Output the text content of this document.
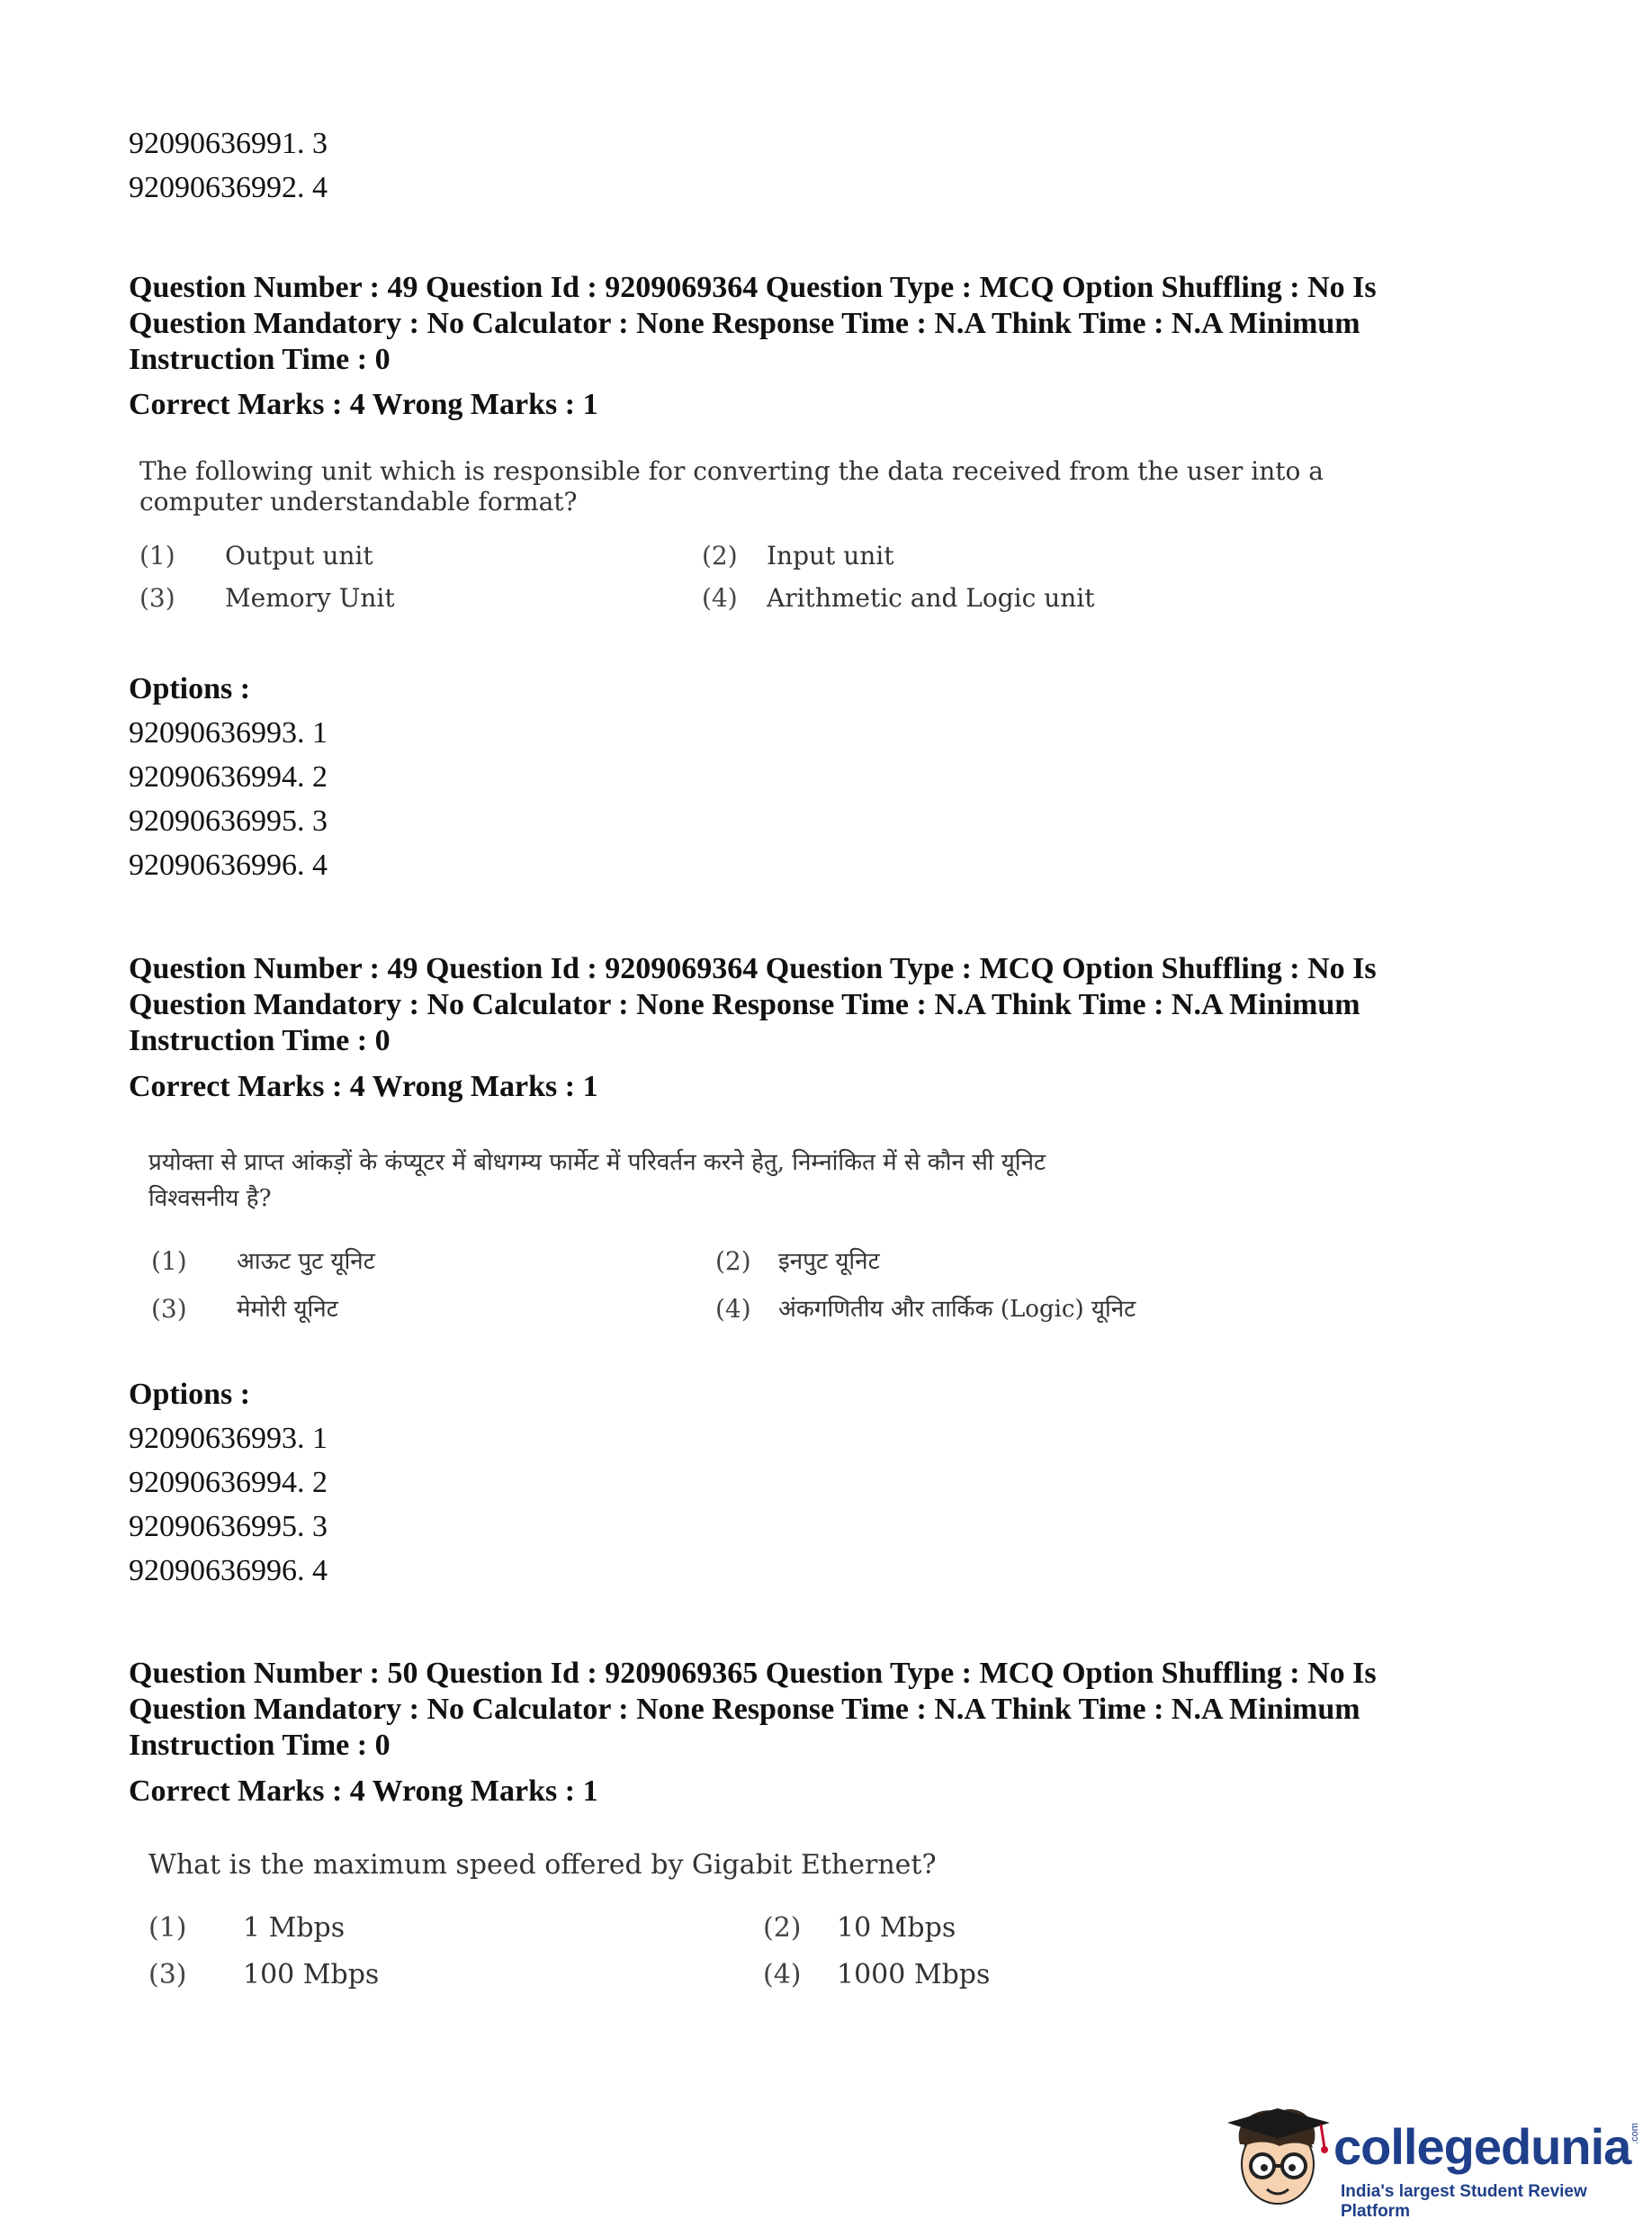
92090636991. 3
92090636992. 4
Question Number : 49 Question Id : 9209069364 Question Type : MCQ Option Shuffling : No Is
Question Mandatory : No Calculator : None Response Time : N.A Think Time : N.A Minimum
Instruction Time : 0
Correct Marks : 4 Wrong Marks : 1
The following unit which is responsible for converting the data received from the user into a
computer understandable format?
(1) Output unit	(2) Input unit
(3) Memory Unit	(4) Arithmetic and Logic unit
Options :
92090636993. 1
92090636994. 2
92090636995. 3
92090636996. 4
Question Number : 49 Question Id : 9209069364 Question Type : MCQ Option Shuffling : No Is
Question Mandatory : No Calculator : None Response Time : N.A Think Time : N.A Minimum
Instruction Time : 0
Correct Marks : 4 Wrong Marks : 1
प्रयोक्ता से प्राप्त आंकड़ों के कंप्यूटर में बोधगम्य फार्मेट में परिवर्तन करने हेतु, निम्नांकित में से कौन सी यूनिट
विश्वसनीय है?
(1) आऊट पुट यूनिट	(2) इनपुट यूनिट
(3) मेमोरी यूनिट	(4) अंकगणितीय और तार्किक (Logic) यूनिट
Options :
92090636993. 1
92090636994. 2
92090636995. 3
92090636996. 4
Question Number : 50 Question Id : 9209069365 Question Type : MCQ Option Shuffling : No Is
Question Mandatory : No Calculator : None Response Time : N.A Think Time : N.A Minimum
Instruction Time : 0
Correct Marks : 4 Wrong Marks : 1
What is the maximum speed offered by Gigabit Ethernet?
(1) 1 Mbps	(2) 10 Mbps
(3) 100 Mbps	(4) 1000 Mbps
collegedunia
.com
India's largest Student Review Platform
